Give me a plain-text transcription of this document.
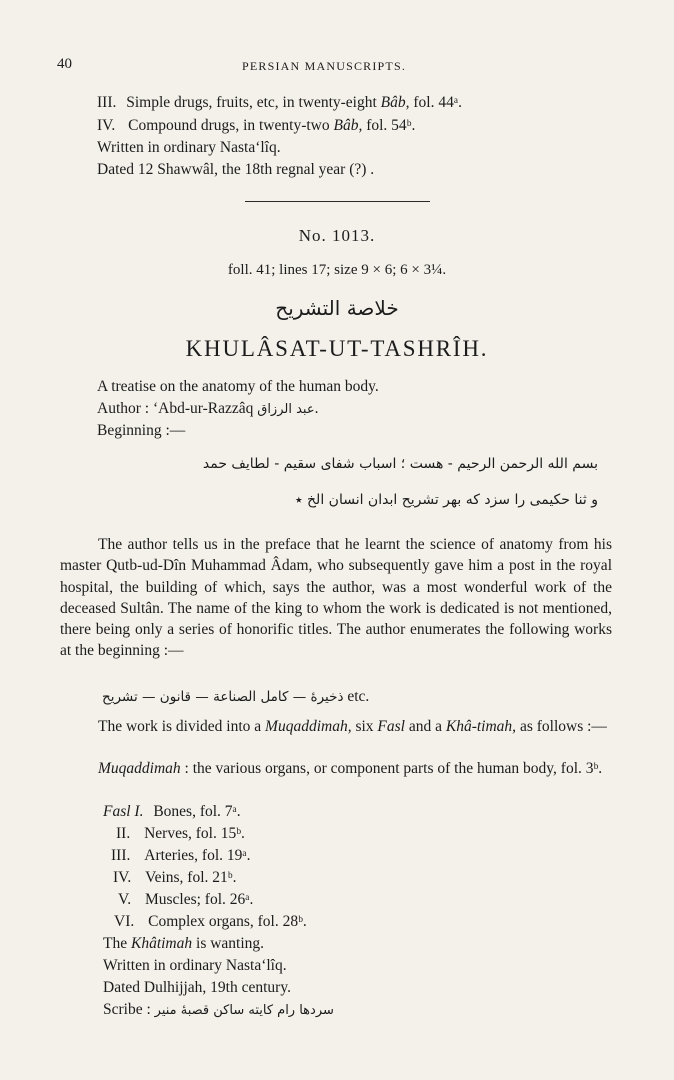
40	PERSIAN MANUSCRIPTS.
III. Simple drugs, fruits, etc, in twenty-eight Bâb, fol. 44ᵃ.
IV. Compound drugs, in twenty-two Bâb, fol. 54ᵇ.
Written in ordinary Nasta‘lîq.
Dated 12 Shawwâl, the 18th regnal year (?) .
No. 1013.
foll. 41; lines 17; size 9 × 6; 6 × 3¼.
خلاصة التشريح
KHULÂSAT-UT-TASHRÎH.
A treatise on the anatomy of the human body.
Author : ‘Abd-ur-Razzâq عبد الرزاق.
Beginning :—
بسم الله الرحمن الرحيم - هست ؛ اسباب شفای سقیم - لطایف حمد
و ثنا حکیمی را سزد که بهر تشریح ابدان انسان الخ ٭

The author tells us in the preface that he learnt the science of anatomy from his master Qutb-ud-Dîn Muhammad Âdam, who subsequently gave him a post in the royal hospital, the building of which, says the author, was a most wonderful work of the deceased Sultân. The name of the king to whom the work is dedicated is not mentioned, there being only a series of honorific titles. The author enumerates the following works at the beginning :—

ذخیرهٔ — کامل الصناعة — قانون — تشریح etc.

The work is divided into a Muqaddimah, six Fasl and a Khâ-timah, as follows :—

Muqaddimah : the various organs, or component parts of the human body, fol. 3ᵇ.

Fasl I. Bones, fol. 7ᵃ.
II. Nerves, fol. 15ᵇ.
III. Arteries, fol. 19ᵃ.
IV. Veins, fol. 21ᵇ.
V. Muscles; fol. 26ᵃ.
VI. Complex organs, fol. 28ᵇ.
The Khâtimah is wanting.
Written in ordinary Nasta‘lîq.
Dated Dulhijjah, 19th century.
Scribe : سردها رام کایته ساکن قصبهٔ منیر
